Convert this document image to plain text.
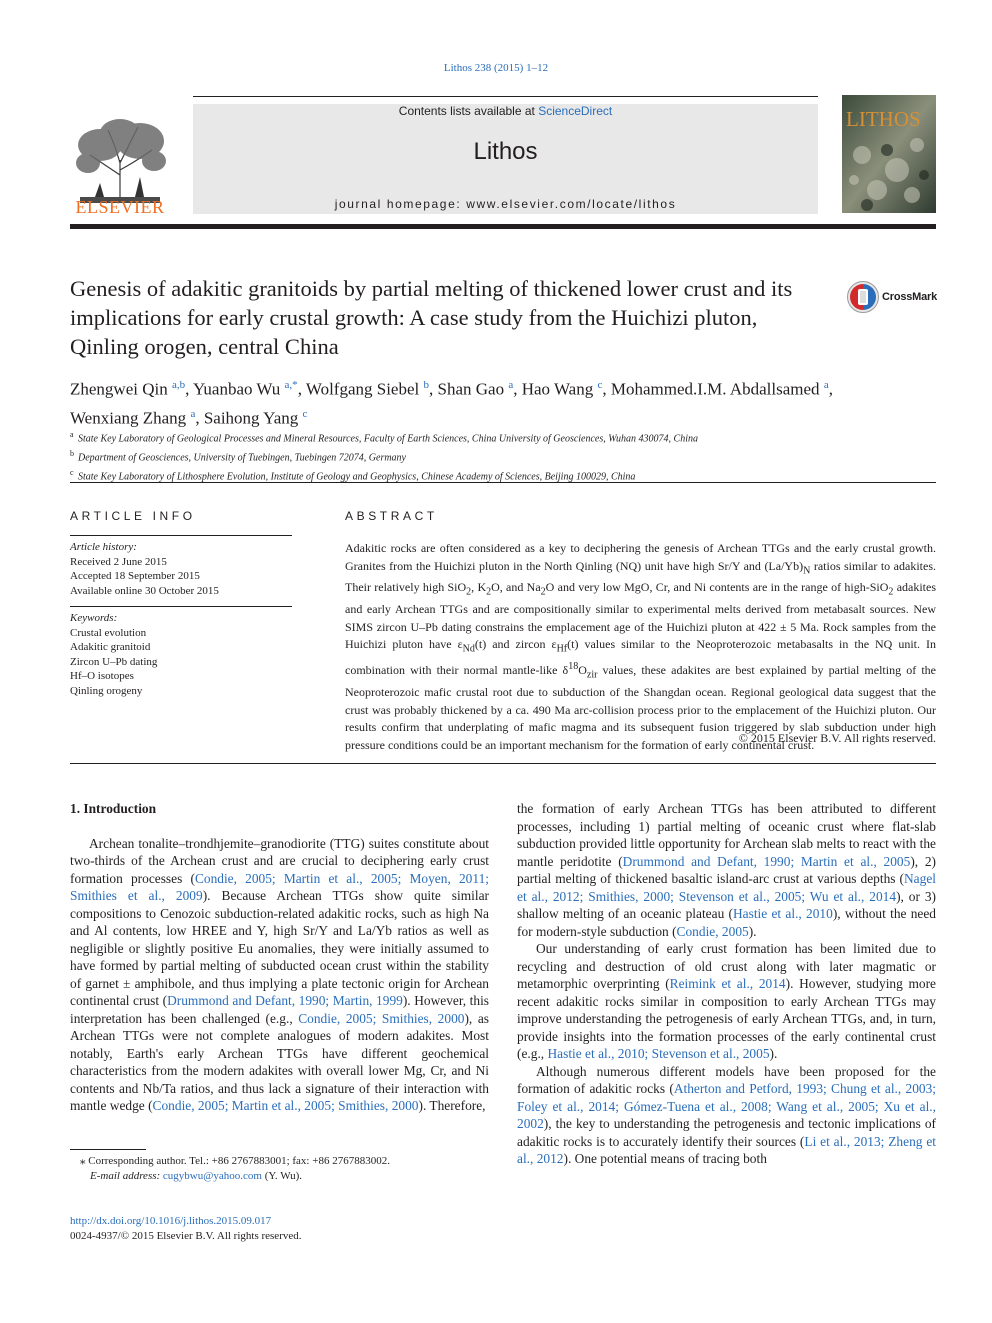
Lithos 238 (2015) 1–12
ELSEVIER
Contents lists available at ScienceDirect
Lithos
journal homepage: www.elsevier.com/locate/lithos
LITHOS
Genesis of adakitic granitoids by partial melting of thickened lower crust and its implications for early crustal growth: A case study from the Huichizi pluton, Qinling orogen, central China
CrossMark
Zhengwei Qin $^{a,b}$, Yuanbao Wu $^{a,*}$, Wolfgang Siebel $^b$, Shan Gao $^a$, Hao Wang $^c$, Mohammed.I.M. Abdallsamed $^a$,
Wenxiang Zhang $^a$, Saihong Yang $^c$
a State Key Laboratory of Geological Processes and Mineral Resources, Faculty of Earth Sciences, China University of Geosciences, Wuhan 430074, China
b Department of Geosciences, University of Tuebingen, Tuebingen 72074, Germany
c State Key Laboratory of Lithosphere Evolution, Institute of Geology and Geophysics, Chinese Academy of Sciences, Beijing 100029, China
ARTICLE INFO	ABSTRACT
Article history:
Received 2 June 2015
Accepted 18 September 2015
Available online 30 October 2015
Keywords:
Crustal evolution
Adakitic granitoid
Zircon U–Pb dating
Hf–O isotopes
Qinling orogeny
Adakitic rocks are often considered as a key to deciphering the genesis of Archean TTGs and the early crustal growth. Granites from the Huichizi pluton in the North Qinling (NQ) unit have high Sr/Y and $(La/Yb)_N$ ratios similar to adakites. Their relatively high SiO$_2$, $K_2O$, and $Na_2O$ and very low MgO, Cr, and Ni contents are in the range of high-SiO$_2$ adakites and early Archean TTGs and are compositionally similar to experimental melts derived from metabasalt sources. New SIMS zircon U–Pb dating constrains the emplacement age of the Huichizi pluton at 422 ± 5 Ma. Rock samples from the Huichizi pluton have $\varepsilon_{Nd}(t)$ and zircon $\varepsilon_{Hf}(t)$ values similar to the Neoproterozoic metabasalts in the NQ unit. In combination with their normal mantle-like $\delta^{18}O_{zir}$ values, these adakites are best explained by partial melting of the Neoproterozoic mafic crustal root due to subduction of the Shangdan ocean. Regional geological data suggest that the crust was probably thickened by a ca. 490 Ma arc-collision process prior to the emplacement of the Huichizi pluton. Our results confirm that underplating of mafic magma and its subsequent fusion triggered by slab subduction under high pressure conditions could be an important mechanism for the formation of early continental crust.
© 2015 Elsevier B.V. All rights reserved.
1. Introduction

Archean tonalite–trondhjemite–granodiorite (TTG) suites constitute about two-thirds of the Archean crust and are crucial to deciphering early crust formation processes (Condie, 2005; Martin et al., 2005; Moyen, 2011; Smithies et al., 2009). Because Archean TTGs show quite similar compositions to Cenozoic subduction-related adakitic rocks, such as high Na and Al contents, low HREE and Y, high Sr/Y and La/Yb ratios as well as negligible or slightly positive Eu anomalies, they were initially assumed to have formed by partial melting of subducted ocean crust within the stability of garnet ± amphibole, and thus implying a plate tectonic origin for Archean continental crust (Drummond and Defant, 1990; Martin, 1999). However, this interpretation has been challenged (e.g., Condie, 2005; Smithies, 2000), as Archean TTGs were not complete analogues of modern adakites. Most notably, Earth's early Archean TTGs have different geochemical characteristics from the modern adakites with overall lower Mg, Cr, and Ni contents and Nb/Ta ratios, and thus lack a signature of their interaction with mantle wedge (Condie, 2005; Martin et al., 2005; Smithies, 2000). Therefore,

the formation of early Archean TTGs has been attributed to different processes, including 1) partial melting of oceanic crust where flat-slab subduction provided little opportunity for Archean slab melts to react with the mantle peridotite (Drummond and Defant, 1990; Martin et al., 2005), 2) partial melting of thickened basaltic island-arc crust at various depths (Nagel et al., 2012; Smithies, 2000; Stevenson et al., 2005; Wu et al., 2014), or 3) shallow melting of an oceanic plateau (Hastie et al., 2010), without the need for modern-style subduction (Condie, 2005).

Our understanding of early crust formation has been limited due to recycling and destruction of old crust along with later magmatic or metamorphic overprinting (Reimink et al., 2014). However, studying more recent adakitic rocks similar in composition to early Archean TTGs may improve understanding the petrogenesis of early Archean TTGs, and, in turn, provide insights into the formation processes of the early continental crust (e.g., Hastie et al., 2010; Stevenson et al., 2005).

Although numerous different models have been proposed for the formation of adakitic rocks (Atherton and Petford, 1993; Chung et al., 2003; Foley et al., 2014; Gómez-Tuena et al., 2008; Wang et al., 2005; Xu et al., 2002), the key to understanding the petrogenesis and tectonic implications of adakitic rocks is to accurately identify their sources (Li et al., 2013; Zheng et al., 2012). One potential means of tracing both

⁎ Corresponding author. Tel.: +86 2767883001; fax: +86 2767883002.
E-mail address: cugybwu@yahoo.com (Y. Wu).
http://dx.doi.org/10.1016/j.lithos.2015.09.017
0024-4937/© 2015 Elsevier B.V. All rights reserved.
